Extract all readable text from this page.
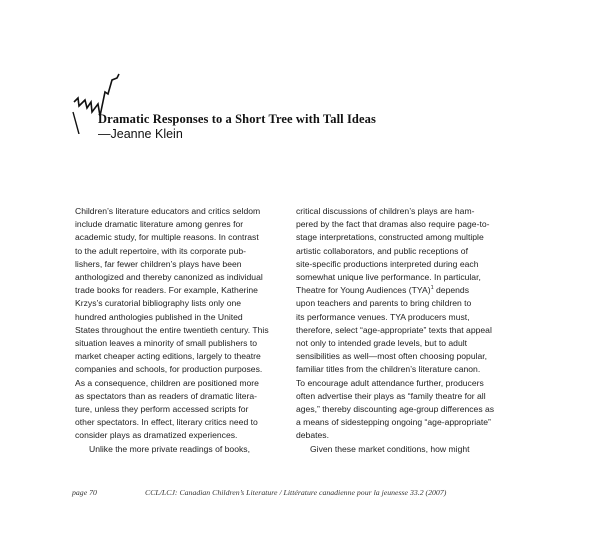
Dramatic Responses to a Short Tree with Tall Ideas
—Jeanne Klein
Children’s literature educators and critics seldom
include dramatic literature among genres for
academic study, for multiple reasons. In contrast
to the adult repertoire, with its corporate pub-
lishers, far fewer children’s plays have been
anthologized and thereby canonized as individual
trade books for readers. For example, Katherine
Krzys’s curatorial bibliography lists only one
hundred anthologies published in the United
States throughout the entire twentieth century. This
situation leaves a minority of small publishers to
market cheaper acting editions, largely to theatre
companies and schools, for production purposes.
As a consequence, children are positioned more
as spectators than as readers of dramatic litera-
ture, unless they perform accessed scripts for
other spectators. In effect, literary critics need to
consider plays as dramatized experiences.
Unlike the more private readings of books,
critical discussions of children’s plays are ham-
pered by the fact that dramas also require page-to-
stage interpretations, constructed among multiple
artistic collaborators, and public receptions of
site-specific productions interpreted during each
somewhat unique live performance. In particular,
Theatre for Young Audiences (TYA)$^1$ depends
upon teachers and parents to bring children to
its performance venues. TYA producers must,
therefore, select “age-appropriate” texts that appeal
not only to intended grade levels, but to adult
sensibilities as well—most often choosing popular,
familiar titles from the children’s literature canon.
To encourage adult attendance further, producers
often advertise their plays as “family theatre for all
ages,” thereby discounting age-group differences as
a means of sidestepping ongoing “age-appropriate”
debates.
Given these market conditions, how might
page 70	CCL/LCJ: Canadian Children’s Literature / Littérature canadienne pour la jeunesse 33.2 (2007)
